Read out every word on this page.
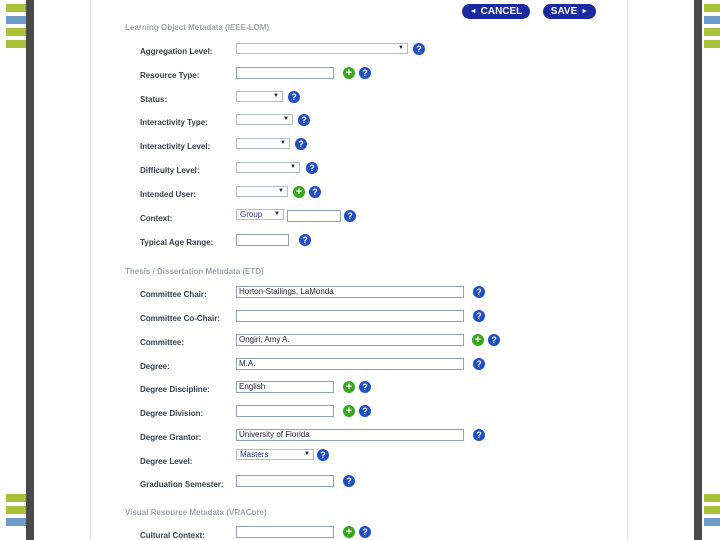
◄ CANCEL	SAVE ►
Learning Object Metadata (IEEE-LOM)
Aggregation Level:	▼	?
Resource Type:	+	?
Status:	▼	?
Interactivity Type:	▼	?
Interactivity Level:	▼	?
Difficulty Level:	▼	?
Intended User:	▼ +	?
Context:	Group ▼	?
Typical Age Range:	?
Thesis / Dissertation Metadata (ETD)
Committee Chair:	Horton-Stallings, LaMonda	?
Committee Co-Chair:	?
Committee:	Ongiri, Amy A.	+	?
Degree:	M.A.	?
Degree Discipline:	English	+	?
Degree Division:	+	?
Degree Grantor:	University of Florida	?
Degree Level:
Masters	▼	?
Graduation Semester:	?
Visual Resource Metadata (VRACore)
Cultural Context:	+	?
